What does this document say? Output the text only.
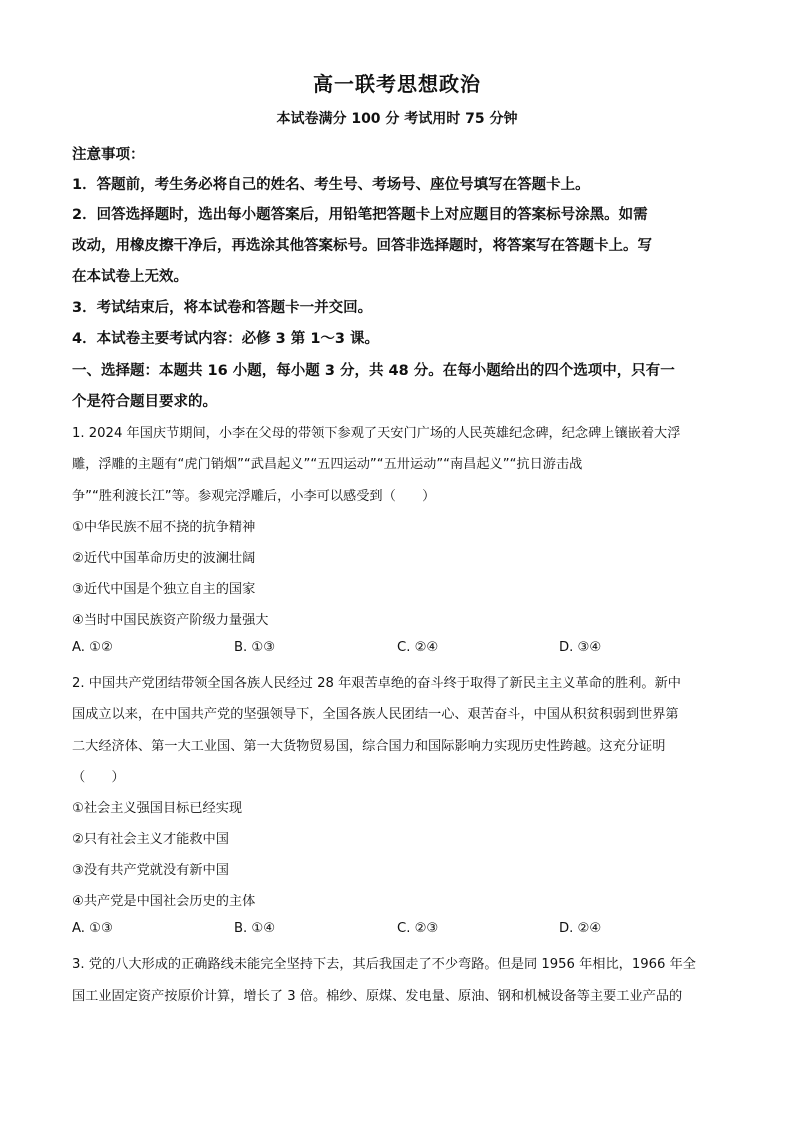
高一联考思想政治
本试卷满分 100 分 考试用时 75 分钟
注意事项：
1．答题前，考生务必将自己的姓名、考生号、考场号、座位号填写在答题卡上。
2．回答选择题时，选出每小题答案后，用铅笔把答题卡上对应题目的答案标号涂黑。如需
改动，用橡皮擦干净后，再选涂其他答案标号。回答非选择题时，将答案写在答题卡上。写
在本试卷上无效。
3．考试结束后，将本试卷和答题卡一并交回。
4．本试卷主要考试内容：必修 3 第 1～3 课。
一、选择题：本题共 16 小题，每小题 3 分，共 48 分。在每小题给出的四个选项中，只有一
个是符合题目要求的。
1. 2024 年国庆节期间，小李在父母的带领下参观了天安门广场的人民英雄纪念碑，纪念碑上镶嵌着大浮
雕，浮雕的主题有“虎门销烟”“武昌起义”“五四运动”“五卅运动”“南昌起义”“抗日游击战
争”“胜利渡长江”等。参观完浮雕后，小李可以感受到（　　）
①中华民族不屈不挠的抗争精神
②近代中国革命历史的波澜壮阔
③近代中国是个独立自主的国家
④当时中国民族资产阶级力量强大
A. ①②	B. ①③	C. ②④	D. ③④
2. 中国共产党团结带领全国各族人民经过 28 年艰苦卓绝的奋斗终于取得了新民主主义革命的胜利。新中
国成立以来，在中国共产党的坚强领导下，全国各族人民团结一心、艰苦奋斗，中国从积贫积弱到世界第
二大经济体、第一大工业国、第一大货物贸易国，综合国力和国际影响力实现历史性跨越。这充分证明
（　　）
①社会主义强国目标已经实现
②只有社会主义才能救中国
③没有共产党就没有新中国
④共产党是中国社会历史的主体
A. ①③	B. ①④	C. ②③	D. ②④
3. 党的八大形成的正确路线未能完全坚持下去，其后我国走了不少弯路。但是同 1956 年相比，1966 年全
国工业固定资产按原价计算，增长了 3 倍。棉纱、原煤、发电量、原油、钢和机械设备等主要工业产品的
